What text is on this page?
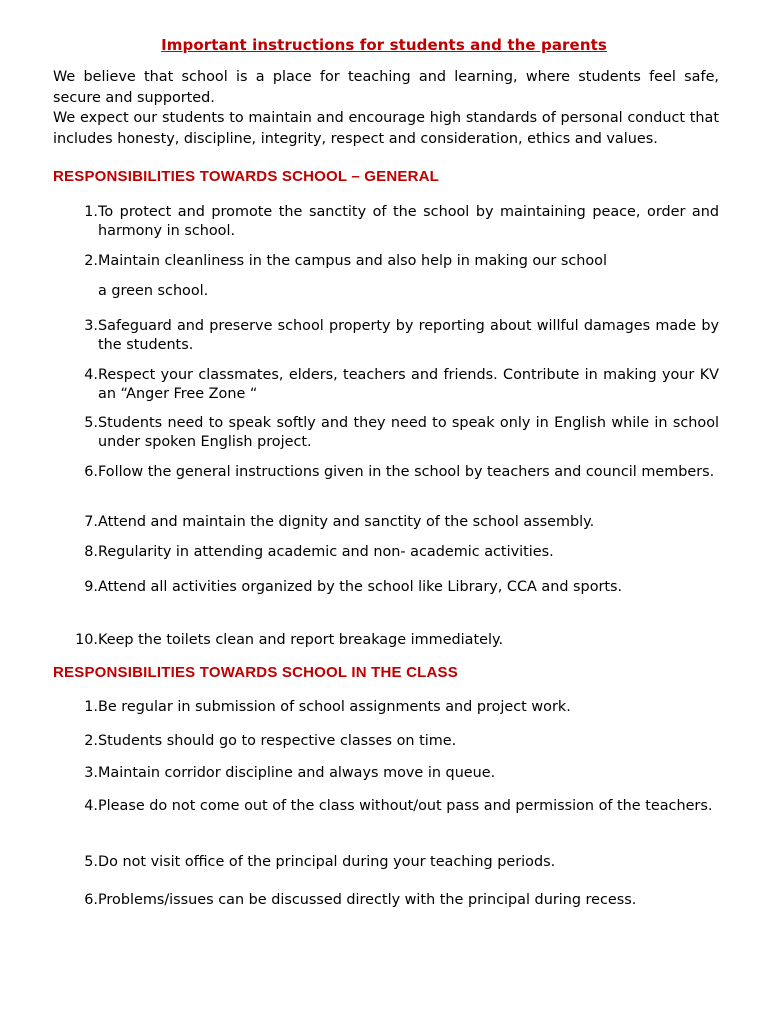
Important instructions for students and the parents

We believe that school is a place for teaching and learning, where students feel safe, secure and supported.

We expect our students to maintain and encourage high standards of personal conduct that includes honesty, discipline, integrity, respect and consideration, ethics and values.

RESPONSIBILITIES TOWARDS SCHOOL – GENERAL
1. To protect and promote the sanctity of the school by maintaining peace, order and harmony in school.
2. Maintain cleanliness in the campus and also help in making our school
a green school.
3. Safeguard and preserve school property by reporting about willful damages made by the students.
4. Respect your classmates, elders, teachers and friends. Contribute in making your KV an “Anger Free Zone “
5. Students need to speak softly and they need to speak only in English while in school under spoken English project.
6. Follow the general instructions given in the school by teachers and council members.
7. Attend and maintain the dignity and sanctity of the school assembly.
8. Regularity in attending academic and non- academic activities.
9. Attend all activities organized by the school like Library, CCA and sports.
10. Keep the toilets clean and report breakage immediately.
RESPONSIBILITIES TOWARDS SCHOOL IN THE CLASS
1. Be regular in submission of school assignments and project work.
2. Students should go to respective classes on time.
3. Maintain corridor discipline and always move in queue.
4. Please do not come out of the class without/out pass and permission of the teachers.
5. Do not visit office of the principal during your teaching periods.
6. Problems/issues can be discussed directly with the principal during recess.
